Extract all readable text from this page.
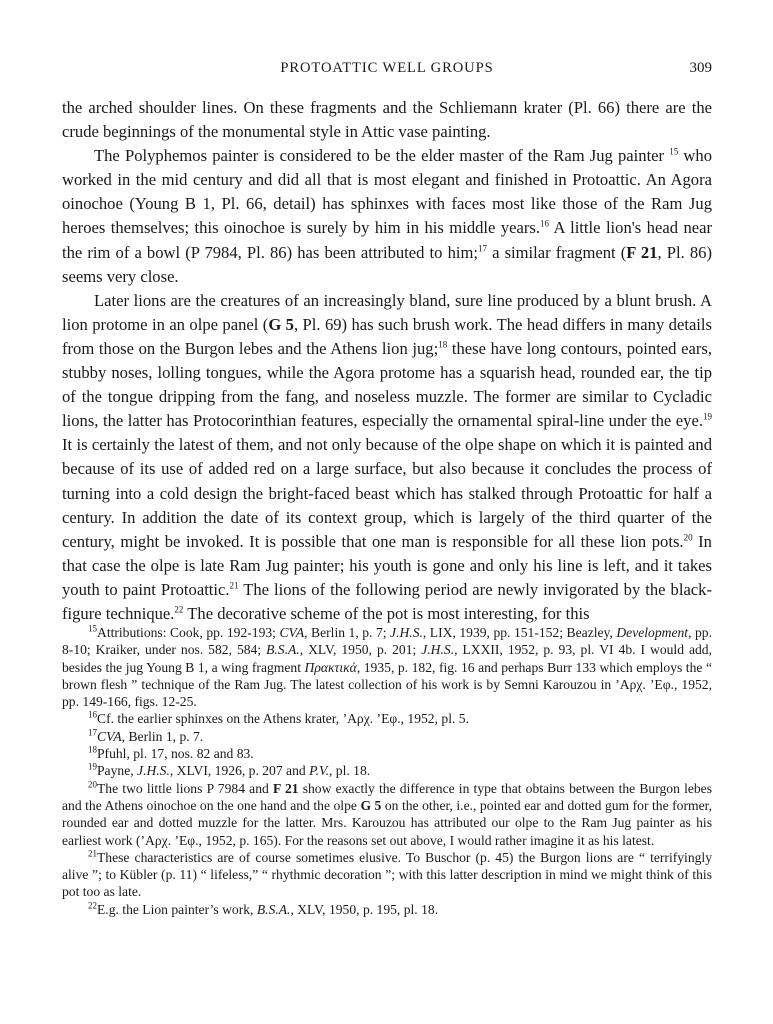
PROTOATTIC WELL GROUPS	309

the arched shoulder lines. On these fragments and the Schliemann krater (Pl. 66) there are the crude beginnings of the monumental style in Attic vase painting.

The Polyphemos painter is considered to be the elder master of the Ram Jug painter $^{15}$ who worked in the mid century and did all that is most elegant and finished in Protoattic. An Agora oinochoe (Young B 1, Pl. 66, detail) has sphinxes with faces most like those of the Ram Jug heroes themselves; this oinochoe is surely by him in his middle years.$^{16}$ A little lion's head near the rim of a bowl (P 7984, Pl. 86) has been attributed to him;$^{17}$ a similar fragment (F 21, Pl. 86) seems very close.

Later lions are the creatures of an increasingly bland, sure line produced by a blunt brush. A lion protome in an olpe panel (G 5, Pl. 69) has such brush work. The head differs in many details from those on the Burgon lebes and the Athens lion jug;$^{18}$ these have long contours, pointed ears, stubby noses, lolling tongues, while the Agora protome has a squarish head, rounded ear, the tip of the tongue dripping from the fang, and noseless muzzle. The former are similar to Cycladic lions, the latter has Protocorinthian features, especially the ornamental spiral-line under the eye.$^{19}$ It is certainly the latest of them, and not only because of the olpe shape on which it is painted and because of its use of added red on a large surface, but also because it concludes the process of turning into a cold design the bright-faced beast which has stalked through Protoattic for half a century. In addition the date of its context group, which is largely of the third quarter of the century, might be invoked. It is possible that one man is responsible for all these lion pots.$^{20}$ In that case the olpe is late Ram Jug painter; his youth is gone and only his line is left, and it takes youth to paint Protoattic.$^{21}$ The lions of the following period are newly invigorated by the black-figure technique.$^{22}$ The decorative scheme of the pot is most interesting, for this

$^{15}$Attributions: Cook, pp. 192-193; CVA, Berlin 1, p. 7; J.H.S., LIX, 1939, pp. 151-152; Beazley, Development, pp. 8-10; Kraiker, under nos. 582, 584; B.S.A., XLV, 1950, p. 201; J.H.S., LXXII, 1952, p. 93, pl. VI 4b. I would add, besides the jug Young B 1, a wing fragment Πρακτικά, 1935, p. 182, fig. 16 and perhaps Burr 133 which employs the “ brown flesh ” technique of the Ram Jug. The latest collection of his work is by Semni Karouzou in ’Αρχ. ’Εφ., 1952, pp. 149-166, figs. 12-25.

$^{16}$Cf. the earlier sphinxes on the Athens krater, ’Αρχ. ’Εφ., 1952, pl. 5.

$^{17}$CVA, Berlin 1, p. 7.

$^{18}$Pfuhl, pl. 17, nos. 82 and 83.

$^{19}$Payne, J.H.S., XLVI, 1926, p. 207 and P.V., pl. 18.

$^{20}$The two little lions P 7984 and F 21 show exactly the difference in type that obtains between the Burgon lebes and the Athens oinochoe on the one hand and the olpe G 5 on the other, i.e., pointed ear and dotted gum for the former, rounded ear and dotted muzzle for the latter. Mrs. Karouzou has attributed our olpe to the Ram Jug painter as his earliest work (’Αρχ. ’Εφ., 1952, p. 165). For the reasons set out above, I would rather imagine it as his latest.

$^{21}$These characteristics are of course sometimes elusive. To Buschor (p. 45) the Burgon lions are “ terrifyingly alive ”; to Kübler (p. 11) “ lifeless,” “ rhythmic decoration ”; with this latter description in mind we might think of this pot too as late.

$^{22}$E.g. the Lion painter’s work, B.S.A., XLV, 1950, p. 195, pl. 18.
